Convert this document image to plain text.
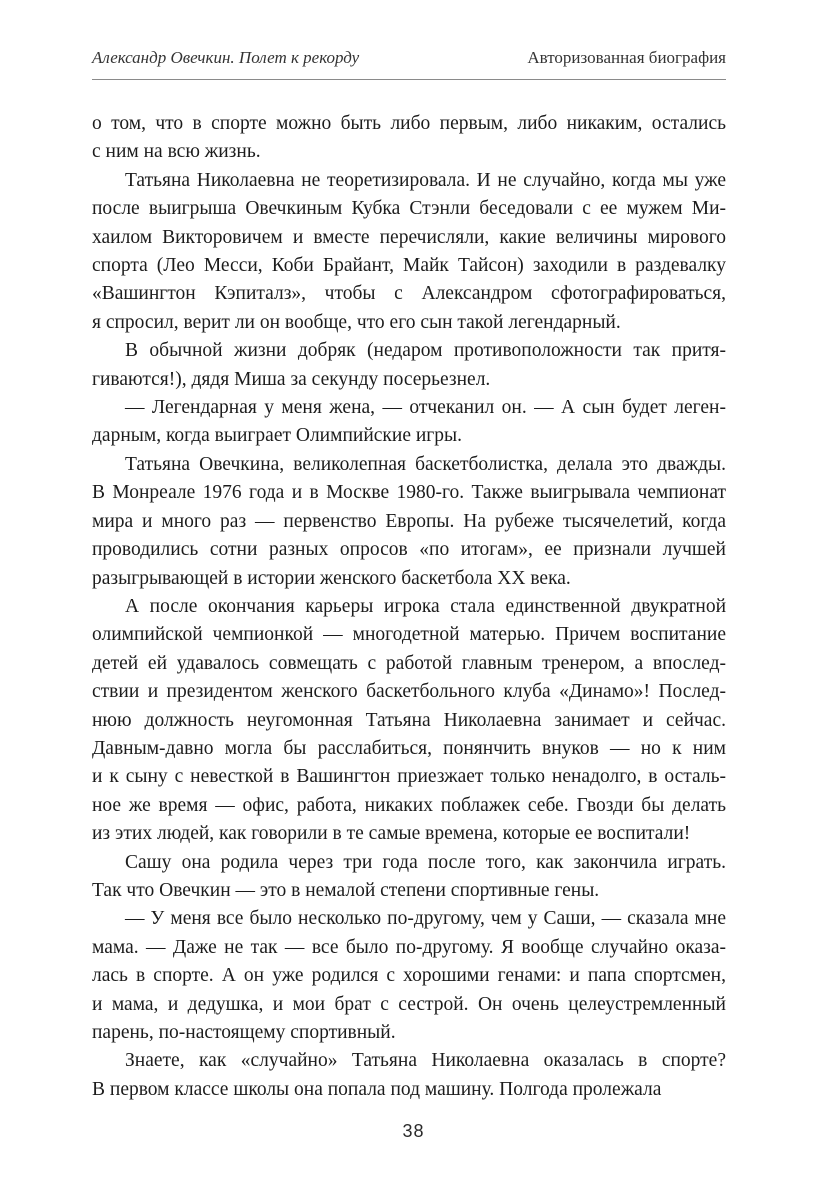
Александр Овечкин. Полет к рекорду	Авторизованная биография
о том, что в спорте можно быть либо первым, либо никаким, остались
с ним на всю жизнь.
Татьяна Николаевна не теоретизировала. И не случайно, когда мы уже
после выигрыша Овечкиным Кубка Стэнли беседовали с ее мужем Ми-
хаилом Викторовичем и вместе перечисляли, какие величины мирового
спорта (Лео Месси, Коби Брайант, Майк Тайсон) заходили в раздевалку
«Вашингтон Кэпиталз», чтобы с Александром сфотографироваться,
я спросил, верит ли он вообще, что его сын такой легендарный.
В обычной жизни добряк (недаром противоположности так притя-
гиваются!), дядя Миша за секунду посерьезнел.
— Легендарная у меня жена, — отчеканил он. — А сын будет леген-
дарным, когда выиграет Олимпийские игры.
Татьяна Овечкина, великолепная баскетболистка, делала это дважды.
В Монреале 1976 года и в Москве 1980-го. Также выигрывала чемпионат
мира и много раз — первенство Европы. На рубеже тысячелетий, когда
проводились сотни разных опросов «по итогам», ее признали лучшей
разыгрывающей в истории женского баскетбола XX века.
А после окончания карьеры игрока стала единственной двукратной
олимпийской чемпионкой — многодетной матерью. Причем воспитание
детей ей удавалось совмещать с работой главным тренером, а впослед-
ствии и президентом женского баскетбольного клуба «Динамо»! Послед-
нюю должность неугомонная Татьяна Николаевна занимает и сейчас.
Давным-давно могла бы расслабиться, понянчить внуков — но к ним
и к сыну с невесткой в Вашингтон приезжает только ненадолго, в осталь-
ное же время — офис, работа, никаких поблажек себе. Гвозди бы делать
из этих людей, как говорили в те самые времена, которые ее воспитали!
Сашу она родила через три года после того, как закончила играть.
Так что Овечкин — это в немалой степени спортивные гены.
— У меня все было несколько по-другому, чем у Саши, — сказала мне
мама. — Даже не так — все было по-другому. Я вообще случайно оказа-
лась в спорте. А он уже родился с хорошими генами: и папа спортсмен,
и мама, и дедушка, и мои брат с сестрой. Он очень целеустремленный
парень, по-настоящему спортивный.
Знаете, как «случайно» Татьяна Николаевна оказалась в спорте?
В первом классе школы она попала под машину. Полгода пролежала
38
